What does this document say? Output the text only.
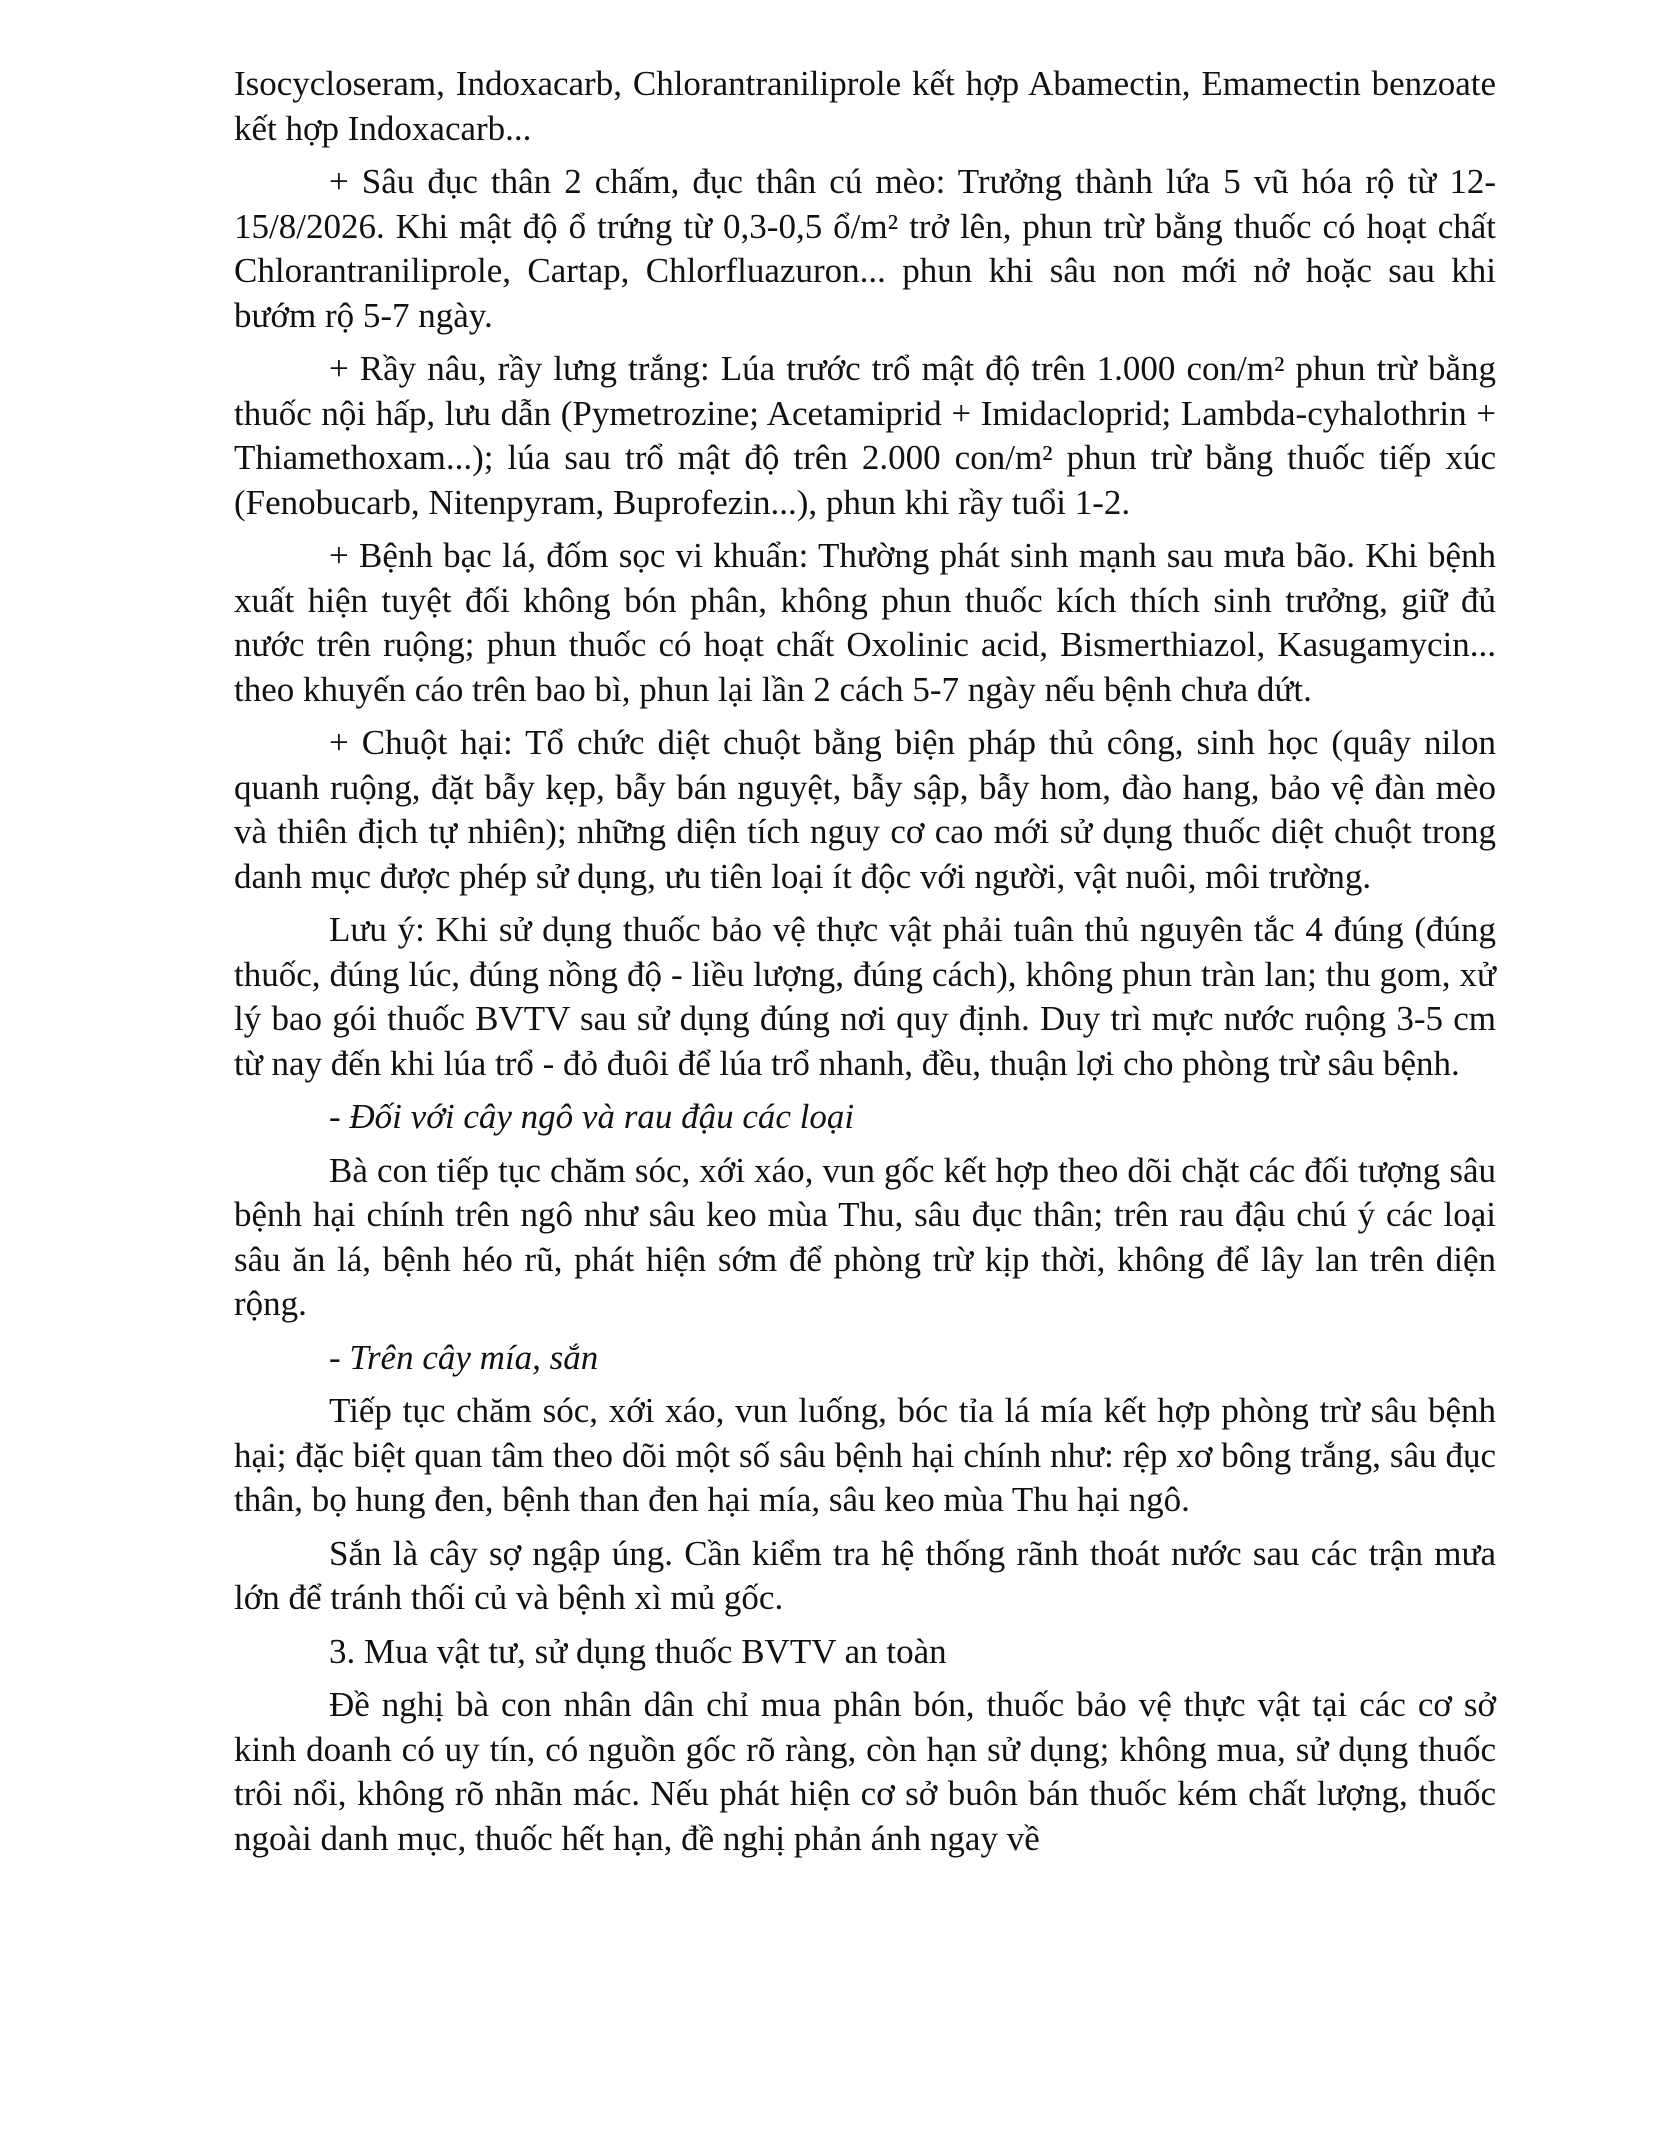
Isocycloseram, Indoxacarb, Chlorantraniliprole kết hợp Abamectin, Emamectin benzoate kết hợp Indoxacarb...

+ Sâu đục thân 2 chấm, đục thân cú mèo: Trưởng thành lứa 5 vũ hóa rộ từ 12-15/8/2026. Khi mật độ ổ trứng từ 0,3-0,5 ổ/m² trở lên, phun trừ bằng thuốc có hoạt chất Chlorantraniliprole, Cartap, Chlorfluazuron... phun khi sâu non mới nở hoặc sau khi bướm rộ 5-7 ngày.

+ Rầy nâu, rầy lưng trắng: Lúa trước trổ mật độ trên 1.000 con/m² phun trừ bằng thuốc nội hấp, lưu dẫn (Pymetrozine; Acetamiprid + Imidacloprid; Lambda-cyhalothrin + Thiamethoxam...); lúa sau trổ mật độ trên 2.000 con/m² phun trừ bằng thuốc tiếp xúc (Fenobucarb, Nitenpyram, Buprofezin...), phun khi rầy tuổi 1-2.

+ Bệnh bạc lá, đốm sọc vi khuẩn: Thường phát sinh mạnh sau mưa bão. Khi bệnh xuất hiện tuyệt đối không bón phân, không phun thuốc kích thích sinh trưởng, giữ đủ nước trên ruộng; phun thuốc có hoạt chất Oxolinic acid, Bismerthiazol, Kasugamycin... theo khuyến cáo trên bao bì, phun lại lần 2 cách 5-7 ngày nếu bệnh chưa dứt.

+ Chuột hại: Tổ chức diệt chuột bằng biện pháp thủ công, sinh học (quây nilon quanh ruộng, đặt bẫy kẹp, bẫy bán nguyệt, bẫy sập, bẫy hom, đào hang, bảo vệ đàn mèo và thiên địch tự nhiên); những diện tích nguy cơ cao mới sử dụng thuốc diệt chuột trong danh mục được phép sử dụng, ưu tiên loại ít độc với người, vật nuôi, môi trường.

Lưu ý: Khi sử dụng thuốc bảo vệ thực vật phải tuân thủ nguyên tắc 4 đúng (đúng thuốc, đúng lúc, đúng nồng độ - liều lượng, đúng cách), không phun tràn lan; thu gom, xử lý bao gói thuốc BVTV sau sử dụng đúng nơi quy định. Duy trì mực nước ruộng 3-5 cm từ nay đến khi lúa trổ - đỏ đuôi để lúa trổ nhanh, đều, thuận lợi cho phòng trừ sâu bệnh.

- Đối với cây ngô và rau đậu các loại

Bà con tiếp tục chăm sóc, xới xáo, vun gốc kết hợp theo dõi chặt các đối tượng sâu bệnh hại chính trên ngô như sâu keo mùa Thu, sâu đục thân; trên rau đậu chú ý các loại sâu ăn lá, bệnh héo rũ, phát hiện sớm để phòng trừ kịp thời, không để lây lan trên diện rộng.

- Trên cây mía, sắn

Tiếp tục chăm sóc, xới xáo, vun luống, bóc tỉa lá mía kết hợp phòng trừ sâu bệnh hại; đặc biệt quan tâm theo dõi một số sâu bệnh hại chính như: rệp xơ bông trắng, sâu đục thân, bọ hung đen, bệnh than đen hại mía, sâu keo mùa Thu hại ngô.

Sắn là cây sợ ngập úng. Cần kiểm tra hệ thống rãnh thoát nước sau các trận mưa lớn để tránh thối củ và bệnh xì mủ gốc.

3. Mua vật tư, sử dụng thuốc BVTV an toàn

Đề nghị bà con nhân dân chỉ mua phân bón, thuốc bảo vệ thực vật tại các cơ sở kinh doanh có uy tín, có nguồn gốc rõ ràng, còn hạn sử dụng; không mua, sử dụng thuốc trôi nổi, không rõ nhãn mác. Nếu phát hiện cơ sở buôn bán thuốc kém chất lượng, thuốc ngoài danh mục, thuốc hết hạn, đề nghị phản ánh ngay về
